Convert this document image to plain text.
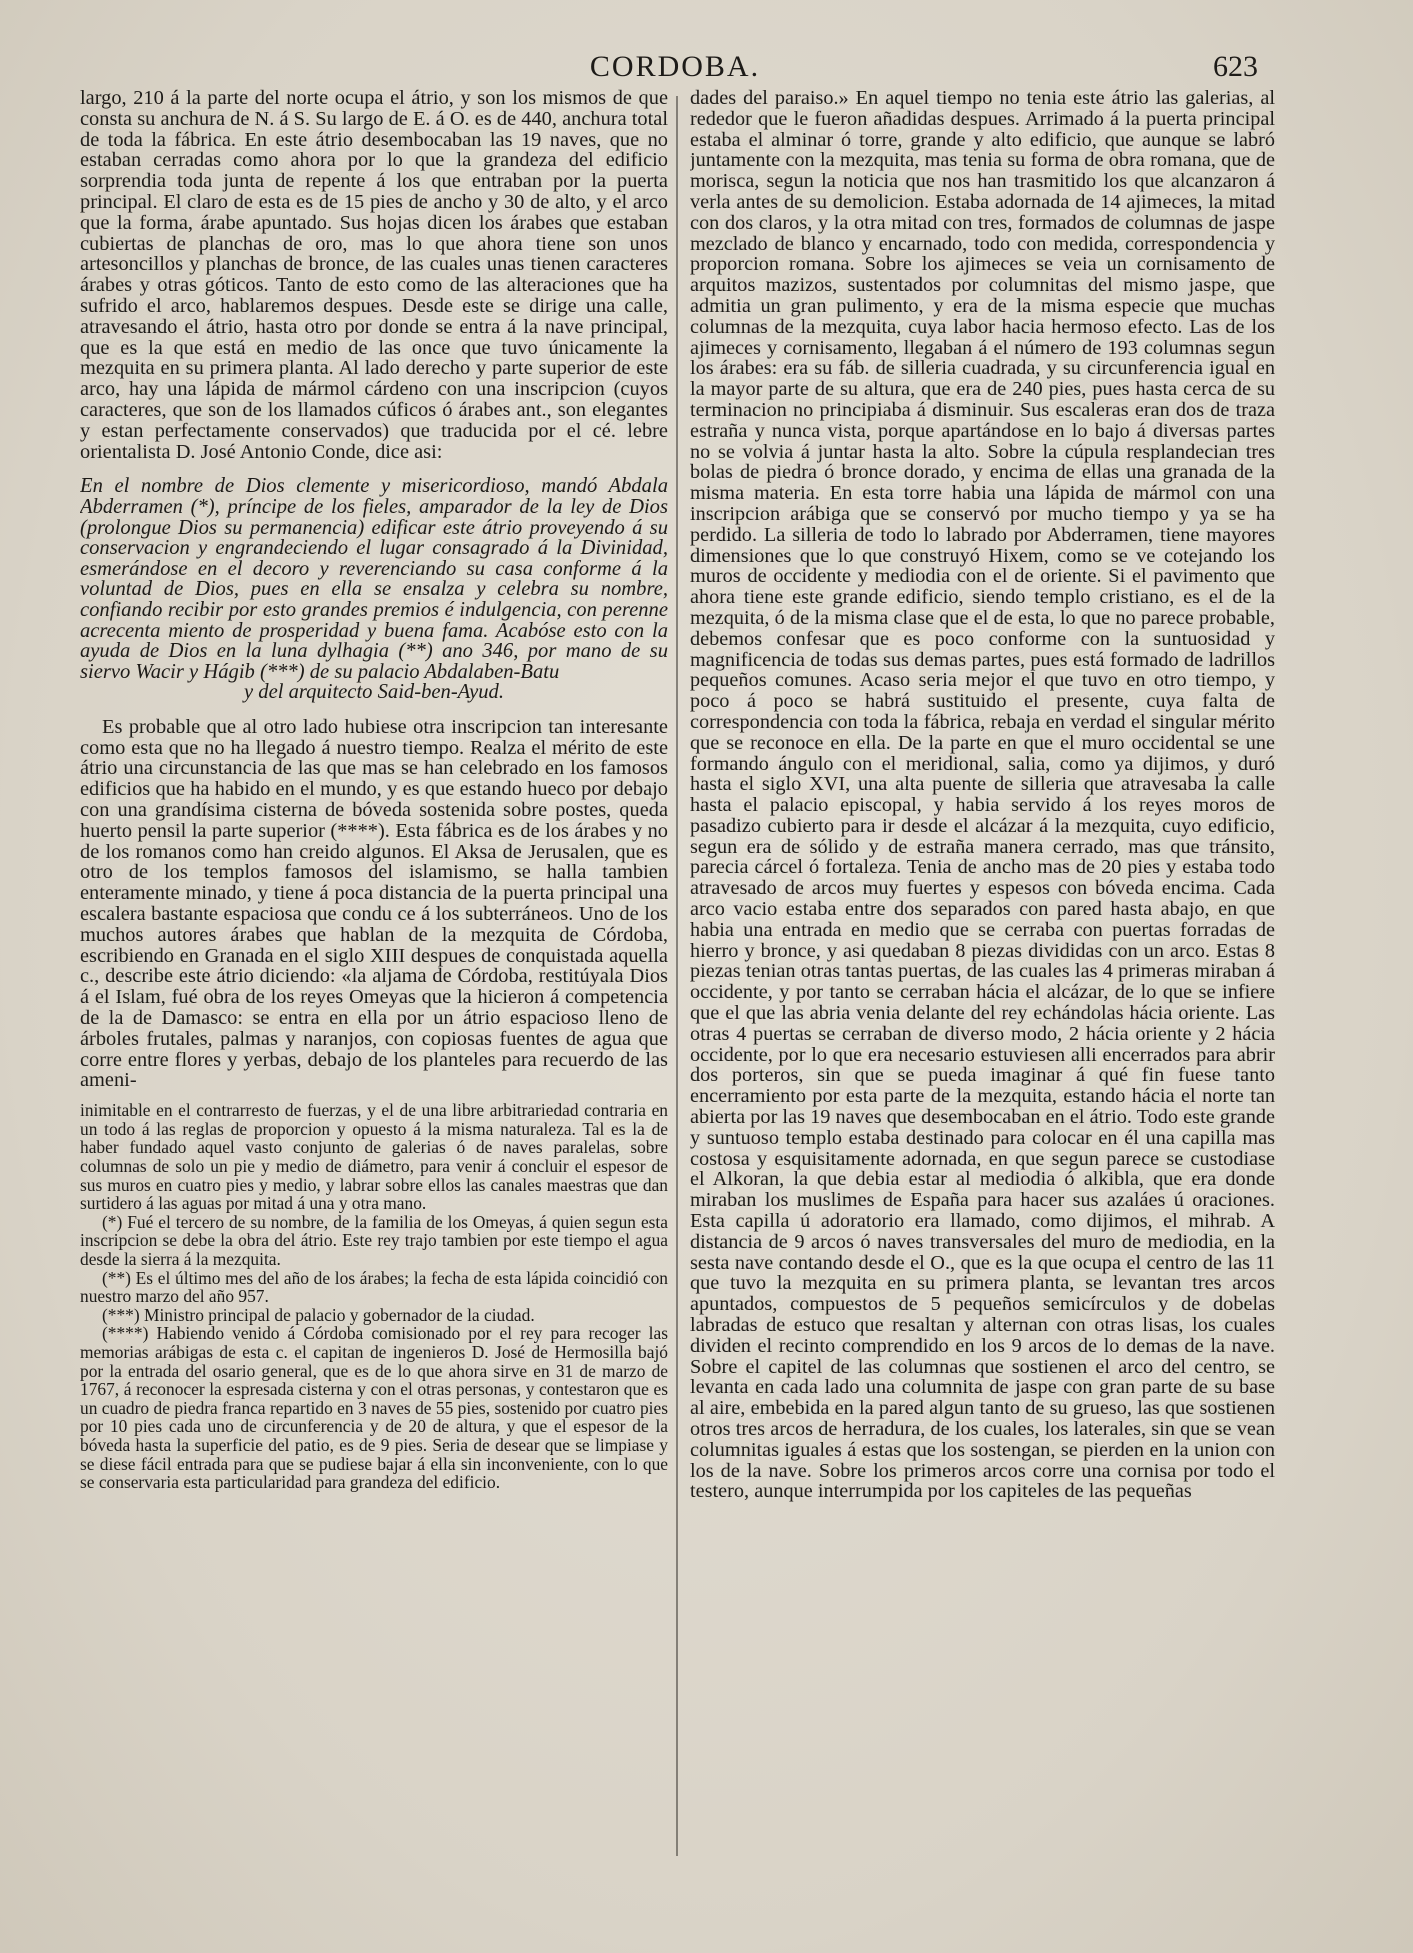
CORDOBA.	623

largo, 210 á la parte del norte ocupa el átrio, y son los mismos de que consta su anchura de N. á S. Su largo de E. á O. es de 440, anchura total de toda la fábrica. En este átrio desembocaban las 19 naves, que no estaban cerradas como ahora por lo que la grandeza del edificio sorprendia toda junta de repente á los que entraban por la puerta principal. El claro de esta es de 15 pies de ancho y 30 de alto, y el arco que la forma, árabe apuntado. Sus hojas dicen los árabes que estaban cubiertas de planchas de oro, mas lo que ahora tiene son unos artesoncillos y planchas de bronce, de las cuales unas tienen caracteres árabes y otras góticos. Tanto de esto como de las alteraciones que ha sufrido el arco, hablaremos despues. Desde este se dirige una calle, atravesando el átrio, hasta otro por donde se entra á la nave principal, que es la que está en medio de las once que tuvo únicamente la mezquita en su primera planta. Al lado derecho y parte superior de este arco, hay una lápida de mármol cárdeno con una inscripcion (cuyos caracteres, que son de los llamados cúficos ó árabes ant., son elegantes y estan perfectamente conservados) que traducida por el cé. lebre orientalista D. José Antonio Conde, dice asi:

En el nombre de Dios clemente y misericordioso, mandó Abdala Abderramen (*), príncipe de los fieles, amparador de la ley de Dios (prolongue Dios su permanencia) edificar este átrio proveyendo á su conservacion y engrandeciendo el lugar consagrado á la Divinidad, esmerándose en el decoro y reverenciando su casa conforme á la voluntad de Dios, pues en ella se ensalza y celebra su nombre, confiando recibir por esto grandes premios é indulgencia, con perenne acrecenta miento de prosperidad y buena fama. Acabóse esto con la ayuda de Dios en la luna dylhagia (**) ano 346, por mano de su siervo Wacir y Hágib (***) de su palacio Abdalaben-Batu
y del arquitecto Said-ben-Ayud.

Es probable que al otro lado hubiese otra inscripcion tan interesante como esta que no ha llegado á nuestro tiempo. Realza el mérito de este átrio una circunstancia de las que mas se han celebrado en los famosos edificios que ha habido en el mundo, y es que estando hueco por debajo con una grandísima cisterna de bóveda sostenida sobre postes, queda huerto pensil la parte superior (****). Esta fábrica es de los árabes y no de los romanos como han creido algunos. El Aksa de Jerusalen, que es otro de los templos famosos del islamismo, se halla tambien enteramente minado, y tiene á poca distancia de la puerta principal una escalera bastante espaciosa que condu ce á los subterráneos. Uno de los muchos autores árabes que hablan de la mezquita de Córdoba, escribiendo en Granada en el siglo XIII despues de conquistada aquella c., describe este átrio diciendo: «la aljama de Córdoba, restitúyala Dios á el Islam, fué obra de los reyes Omeyas que la hicieron á competencia de la de Damasco: se entra en ella por un átrio espacioso lleno de árboles frutales, palmas y naranjos, con copiosas fuentes de agua que corre entre flores y yerbas, debajo de los planteles para recuerdo de las ameni-

inimitable en el contrarresto de fuerzas, y el de una libre arbitrariedad contraria en un todo á las reglas de proporcion y opuesto á la misma naturaleza. Tal es la de haber fundado aquel vasto conjunto de galerias ó de naves paralelas, sobre columnas de solo un pie y medio de diámetro, para venir á concluir el espesor de sus muros en cuatro pies y medio, y labrar sobre ellos las canales maestras que dan surtidero á las aguas por mitad á una y otra mano.

(*) Fué el tercero de su nombre, de la familia de los Omeyas, á quien segun esta inscripcion se debe la obra del átrio. Este rey trajo tambien por este tiempo el agua desde la sierra á la mezquita.

(**) Es el último mes del año de los árabes; la fecha de esta lápida coincidió con nuestro marzo del año 957.

(***) Ministro principal de palacio y gobernador de la ciudad.

(****) Habiendo venido á Córdoba comisionado por el rey para recoger las memorias arábigas de esta c. el capitan de ingenieros D. José de Hermosilla bajó por la entrada del osario general, que es de lo que ahora sirve en 31 de marzo de 1767, á reconocer la espresada cisterna y con el otras personas, y contestaron que es un cuadro de piedra franca repartido en 3 naves de 55 pies, sostenido por cuatro pies por 10 pies cada uno de circunferencia y de 20 de altura, y que el espesor de la bóveda hasta la superficie del patio, es de 9 pies. Seria de desear que se limpiase y se diese fácil entrada para que se pudiese bajar á ella sin inconveniente, con lo que se conservaria esta particularidad para grandeza del edificio.

dades del paraiso.» En aquel tiempo no tenia este átrio las galerias, al rededor que le fueron añadidas despues. Arrimado á la puerta principal estaba el alminar ó torre, grande y alto edificio, que aunque se labró juntamente con la mezquita, mas tenia su forma de obra romana, que de morisca, segun la noticia que nos han trasmitido los que alcanzaron á verla antes de su demolicion. Estaba adornada de 14 ajimeces, la mitad con dos claros, y la otra mitad con tres, formados de columnas de jaspe mezclado de blanco y encarnado, todo con medida, correspondencia y proporcion romana. Sobre los ajimeces se veia un cornisamento de arquitos mazizos, sustentados por columnitas del mismo jaspe, que admitia un gran pulimento, y era de la misma especie que muchas columnas de la mezquita, cuya labor hacia hermoso efecto. Las de los ajimeces y cornisamento, llegaban á el número de 193 columnas segun los árabes: era su fáb. de silleria cuadrada, y su circunferencia igual en la mayor parte de su altura, que era de 240 pies, pues hasta cerca de su terminacion no principiaba á disminuir. Sus escaleras eran dos de traza estraña y nunca vista, porque apartándose en lo bajo á diversas partes no se volvia á juntar hasta la alto. Sobre la cúpula resplandecian tres bolas de piedra ó bronce dorado, y encima de ellas una granada de la misma materia. En esta torre habia una lápida de mármol con una inscripcion arábiga que se conservó por mucho tiempo y ya se ha perdido. La silleria de todo lo labrado por Abderramen, tiene mayores dimensiones que lo que construyó Hixem, como se ve cotejando los muros de occidente y mediodia con el de oriente. Si el pavimento que ahora tiene este grande edificio, siendo templo cristiano, es el de la mezquita, ó de la misma clase que el de esta, lo que no parece probable, debemos confesar que es poco conforme con la suntuosidad y magnificencia de todas sus demas partes, pues está formado de ladrillos pequeños comunes. Acaso seria mejor el que tuvo en otro tiempo, y poco á poco se habrá sustituido el presente, cuya falta de correspondencia con toda la fábrica, rebaja en verdad el singular mérito que se reconoce en ella. De la parte en que el muro occidental se une formando ángulo con el meridional, salia, como ya dijimos, y duró hasta el siglo XVI, una alta puente de silleria que atravesaba la calle hasta el palacio episcopal, y habia servido á los reyes moros de pasadizo cubierto para ir desde el alcázar á la mezquita, cuyo edificio, segun era de sólido y de estraña manera cerrado, mas que tránsito, parecia cárcel ó fortaleza. Tenia de ancho mas de 20 pies y estaba todo atravesado de arcos muy fuertes y espesos con bóveda encima. Cada arco vacio estaba entre dos separados con pared hasta abajo, en que habia una entrada en medio que se cerraba con puertas forradas de hierro y bronce, y asi quedaban 8 piezas divididas con un arco. Estas 8 piezas tenian otras tantas puertas, de las cuales las 4 primeras miraban á occidente, y por tanto se cerraban hácia el alcázar, de lo que se infiere que el que las abria venia delante del rey echándolas hácia oriente. Las otras 4 puertas se cerraban de diverso modo, 2 hácia oriente y 2 hácia occidente, por lo que era necesario estuviesen alli encerrados para abrir dos porteros, sin que se pueda imaginar á qué fin fuese tanto encerramiento por esta parte de la mezquita, estando hácia el norte tan abierta por las 19 naves que desembocaban en el átrio. Todo este grande y suntuoso templo estaba destinado para colocar en él una capilla mas costosa y esquisitamente adornada, en que segun parece se custodiase el Alkoran, la que debia estar al mediodia ó alkibla, que era donde miraban los muslimes de España para hacer sus azaláes ú oraciones. Esta capilla ú adoratorio era llamado, como dijimos, el mihrab. A distancia de 9 arcos ó naves transversales del muro de mediodia, en la sesta nave contando desde el O., que es la que ocupa el centro de las 11 que tuvo la mezquita en su primera planta, se levantan tres arcos apuntados, compuestos de 5 pequeños semicírculos y de dobelas labradas de estuco que resaltan y alternan con otras lisas, los cuales dividen el recinto comprendido en los 9 arcos de lo demas de la nave. Sobre el capitel de las columnas que sostienen el arco del centro, se levanta en cada lado una columnita de jaspe con gran parte de su base al aire, embebida en la pared algun tanto de su grueso, las que sostienen otros tres arcos de herradura, de los cuales, los laterales, sin que se vean columnitas iguales á estas que los sostengan, se pierden en la union con los de la nave. Sobre los primeros arcos corre una cornisa por todo el testero, aunque interrumpida por los capiteles de las pequeñas
